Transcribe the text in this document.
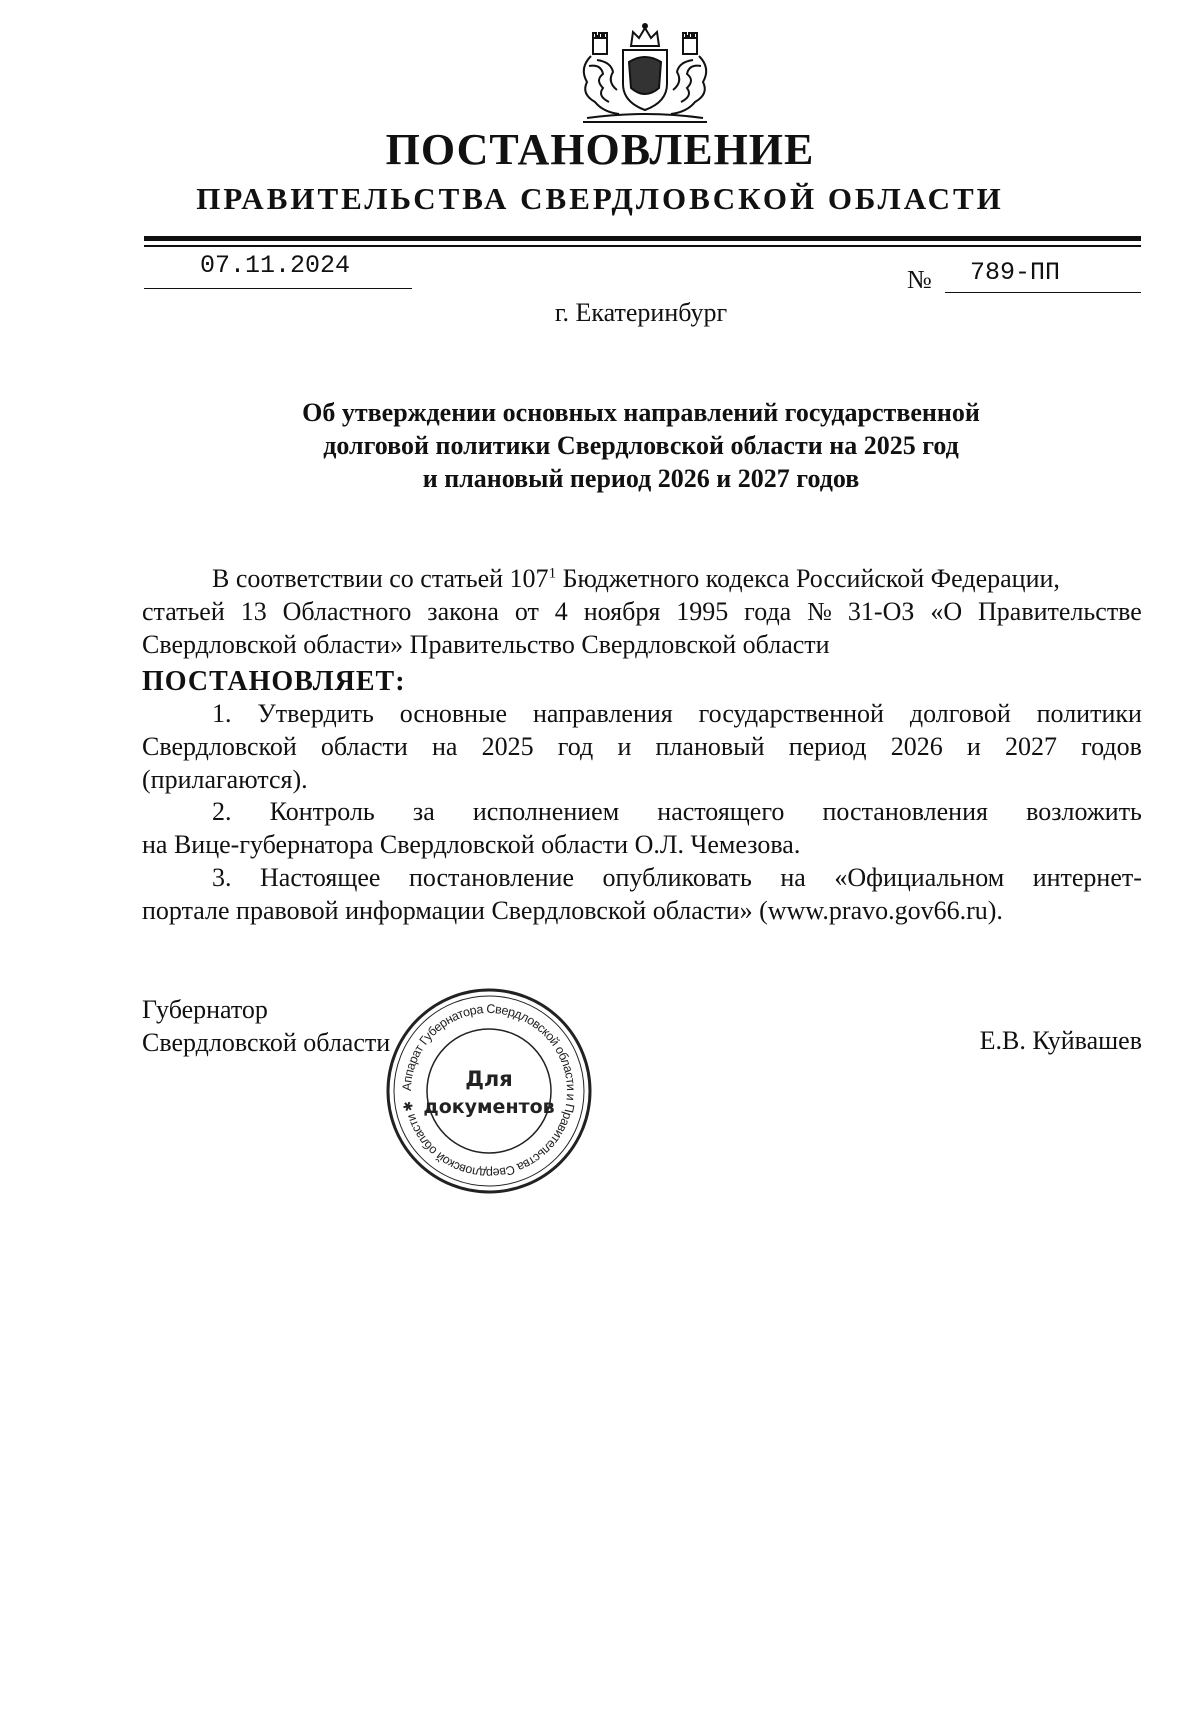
ПОСТАНОВЛЕНИЕ
ПРАВИТЕЛЬСТВА СВЕРДЛОВСКОЙ ОБЛАСТИ
07.11.2024	№ 789-ПП
г. Екатеринбург
Об утверждении основных направлений государственной
долговой политики Свердловской области на 2025 год
и плановый период 2026 и 2027 годов
В соответствии со статьей $107^1$ Бюджетного кодекса Российской Федерации,
статьей 13 Областного закона от 4 ноября 1995 года № 31-ОЗ «О Правительстве
Свердловской области» Правительство Свердловской области
ПОСТАНОВЛЯЕТ:
1. Утвердить основные направления государственной долговой политики
Свердловской области на 2025 год и плановый период 2026 и 2027 годов
(прилагаются).
2. Контроль за исполнением настоящего постановления возложить
на Вице-губернатора Свердловской области О.Л. Чемезова.
3. Настоящее постановление опубликовать на «Официальном интернет-
портале правовой информации Свердловской области» (www.pravo.gov66.ru).
Губернатор
Свердловской области	Е.В. Куйвашев
Аппарат Губернатора Свердловской области и Правительства Свердловской области ✱
Для
документов
